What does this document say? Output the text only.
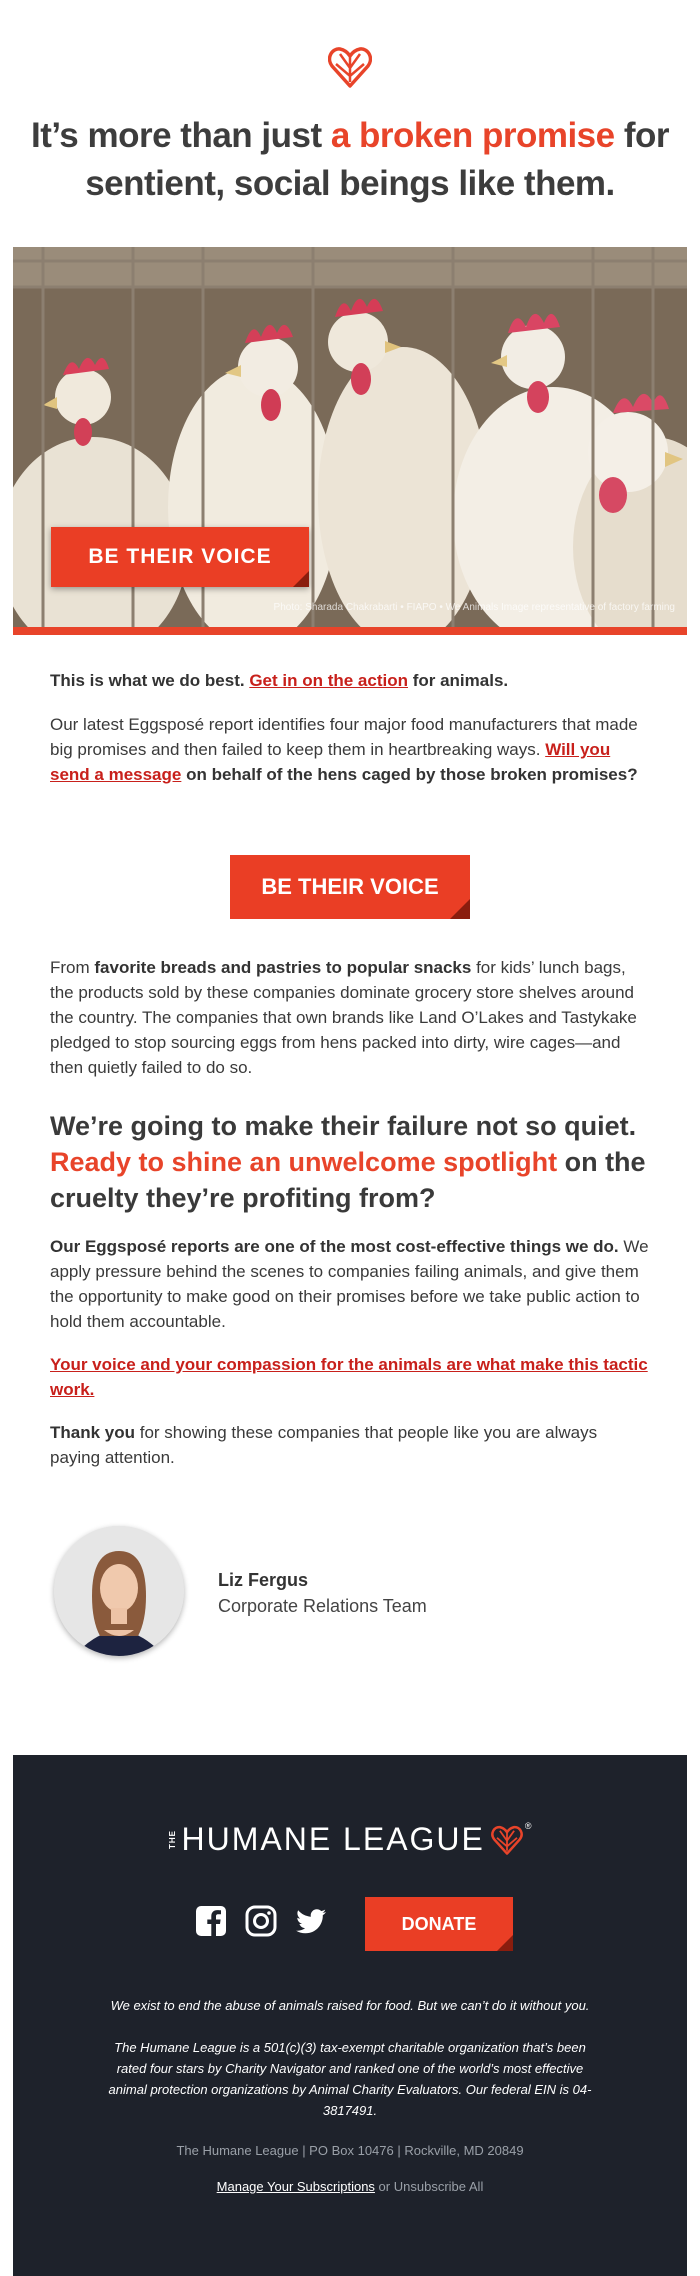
It’s more than just a broken promise for sentient, social beings like them.
BE THEIR VOICE
Photo: Sharada Chakrabarti • FIAPO • We Animals Image representative of factory farming
This is what we do best. Get in on the action for animals.
Our latest Eggsposé report identifies four major food manufacturers that made big promises and then failed to keep them in heartbreaking ways. Will you send a message on behalf of the hens caged by those broken promises?
BE THEIR VOICE
From favorite breads and pastries to popular snacks for kids’ lunch bags, the products sold by these companies dominate grocery store shelves around the country. The companies that own brands like Land O’Lakes and Tastykake pledged to stop sourcing eggs from hens packed into dirty, wire cages—and then quietly failed to do so.
We’re going to make their failure not so quiet. Ready to shine an unwelcome spotlight on the cruelty they’re profiting from?
Our Eggsposé reports are one of the most cost-effective things we do. We apply pressure behind the scenes to companies failing animals, and give them the opportunity to make good on their promises before we take public action to hold them accountable.
Your voice and your compassion for the animals are what make this tactic work.
Thank you for showing these companies that people like you are always paying attention.
Liz Fergus
Corporate Relations Team
THE HUMANE LEAGUE	®
DONATE
We exist to end the abuse of animals raised for food. But we can’t do it without you.
The Humane League is a 501(c)(3) tax-exempt charitable organization that’s been rated four stars by Charity Navigator and ranked one of the world’s most effective animal protection organizations by Animal Charity Evaluators. Our federal EIN is 04-3817491.
The Humane League | PO Box 10476 | Rockville, MD 20849
Manage Your Subscriptions or Unsubscribe All
